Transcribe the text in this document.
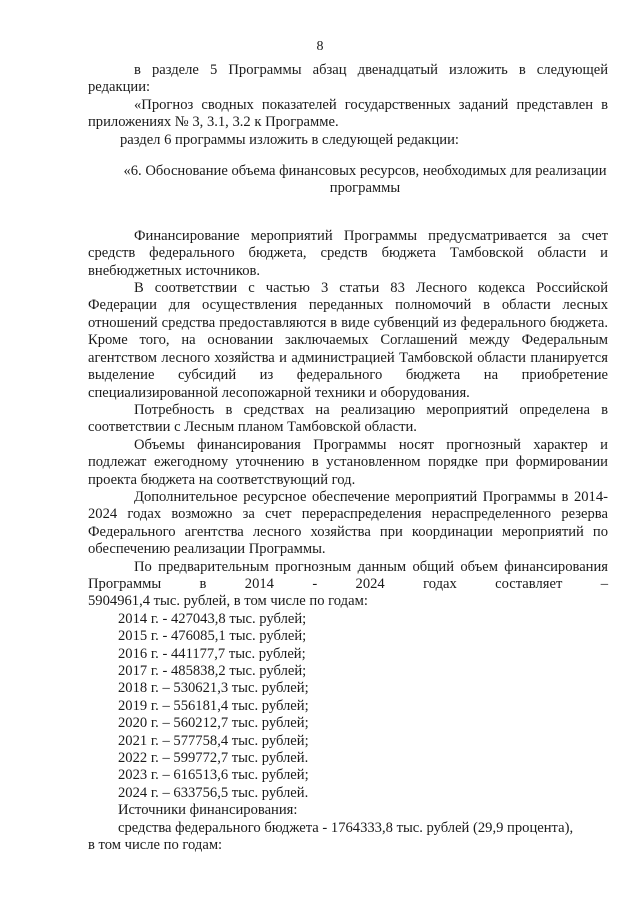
8

в разделе 5 Программы абзац двенадцатый изложить в следующей редакции:

«Прогноз сводных показателей государственных заданий представлен в приложениях № 3, 3.1, 3.2 к Программе.

раздел 6 программы изложить в следующей редакции:

«6. Обоснование объема финансовых ресурсов, необходимых для реализации программы

Финансирование мероприятий Программы предусматривается за счет средств федерального бюджета, средств бюджета Тамбовской области и внебюджетных источников.

В соответствии с частью 3 статьи 83 Лесного кодекса Российской Федерации для осуществления переданных полномочий в области лесных отношений средства предоставляются в виде субвенций из федерального бюджета. Кроме того, на основании заключаемых Соглашений между Федеральным агентством лесного хозяйства и администрацией Тамбовской области планируется выделение субсидий из федерального бюджета на приобретение специализированной лесопожарной техники и оборудования.

Потребность в средствах на реализацию мероприятий определена в соответствии с Лесным планом Тамбовской области.

Объемы финансирования Программы носят прогнозный характер и подлежат ежегодному уточнению в установленном порядке при формировании проекта бюджета на соответствующий год.

Дополнительное ресурсное обеспечение мероприятий Программы в 2014-2024 годах возможно за счет перераспределения нераспределенного резерва Федерального агентства лесного хозяйства при координации мероприятий по обеспечению реализации Программы.

По предварительным прогнозным данным общий объем финансирования Программы в 2014 - 2024 годах составляет –

5904961,4 тыс. рублей, в том числе по годам:

2014 г. - 427043,8 тыс. рублей;
2015 г. - 476085,1 тыс. рублей;
2016 г. - 441177,7 тыс. рублей;
2017 г. - 485838,2 тыс. рублей;
2018 г. – 530621,3 тыс. рублей;
2019 г. – 556181,4 тыс. рублей;
2020 г. – 560212,7 тыс. рублей;
2021 г. – 577758,4 тыс. рублей;
2022 г. – 599772,7 тыс. рублей.
2023 г. – 616513,6 тыс. рублей;
2024 г. – 633756,5 тыс. рублей.

Источники финансирования:

средства федерального бюджета - 1764333,8 тыс. рублей (29,9 процента),

в том числе по годам:
